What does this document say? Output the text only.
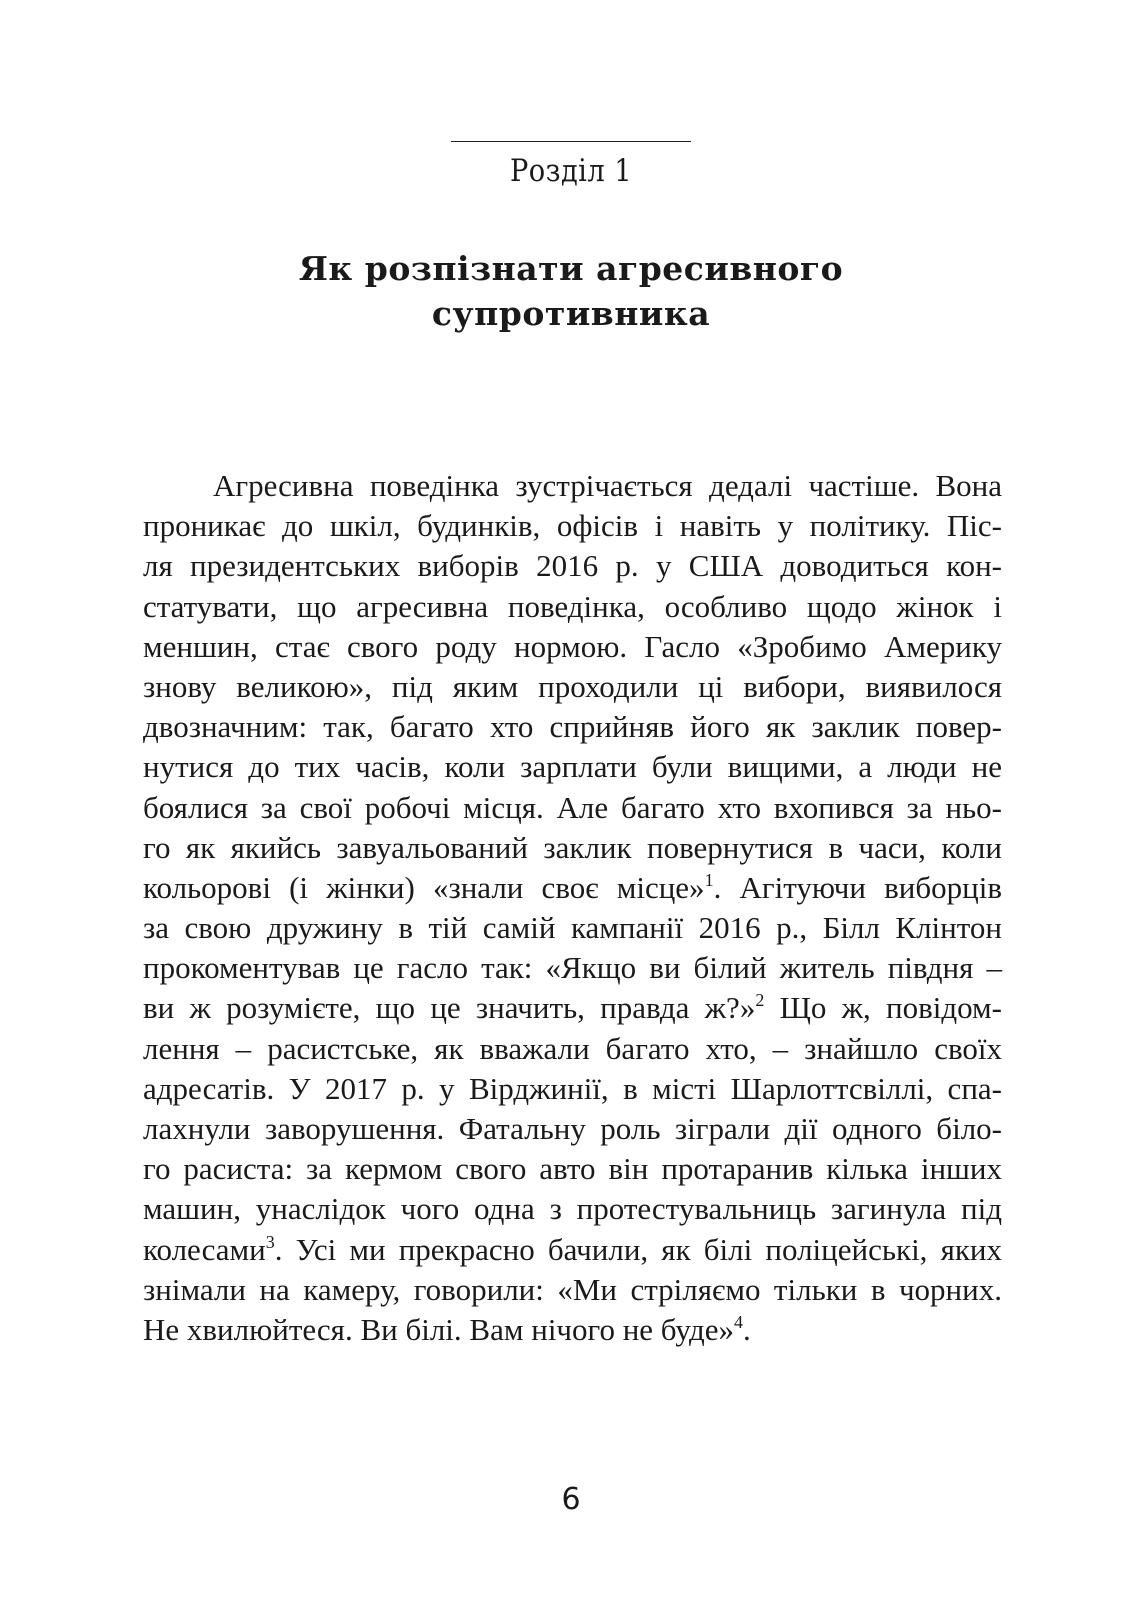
Розділ 1
Як розпізнати агресивного
супротивника
Агресивна поведінка зустрічається дедалі частіше. Вона
проникає до шкіл, будинків, офісів і навіть у політику. Піс-
ля президентських виборів 2016 р. у США доводиться кон-
статувати, що агресивна поведінка, особливо щодо жінок і
меншин, стає свого роду нормою. Гасло «Зробимо Америку
знову великою», під яким проходили ці вибори, виявилося
двозначним: так, багато хто сприйняв його як заклик повер-
нутися до тих часів, коли зарплати були вищими, а люди не
боялися за свої робочі місця. Але багато хто вхопився за ньо-
го як якийсь завуальований заклик повернутися в часи, коли
кольорові (і жінки) «знали своє місце»$^1$. Агітуючи виборців
за свою дружину в тій самій кампанії 2016 р., Білл Клінтон
прокоментував це гасло так: «Якщо ви білий житель півдня –
ви ж розумієте, що це значить, правда ж?»$^2$ Що ж, повідом-
лення – расистське, як вважали багато хто, – знайшло своїх
адресатів. У 2017 р. у Вірджинії, в місті Шарлоттсвіллі, спа-
лахнули заворушення. Фатальну роль зіграли дії одного біло-
го расиста: за кермом свого авто він протаранив кілька інших
машин, унаслідок чого одна з протестувальниць загинула під
колесами$^3$. Усі ми прекрасно бачили, як білі поліцейські, яких
знімали на камеру, говорили: «Ми стріляємо тільки в чорних.
Не хвилюйтеся. Ви білі. Вам нічого не буде»$^4$.
6
